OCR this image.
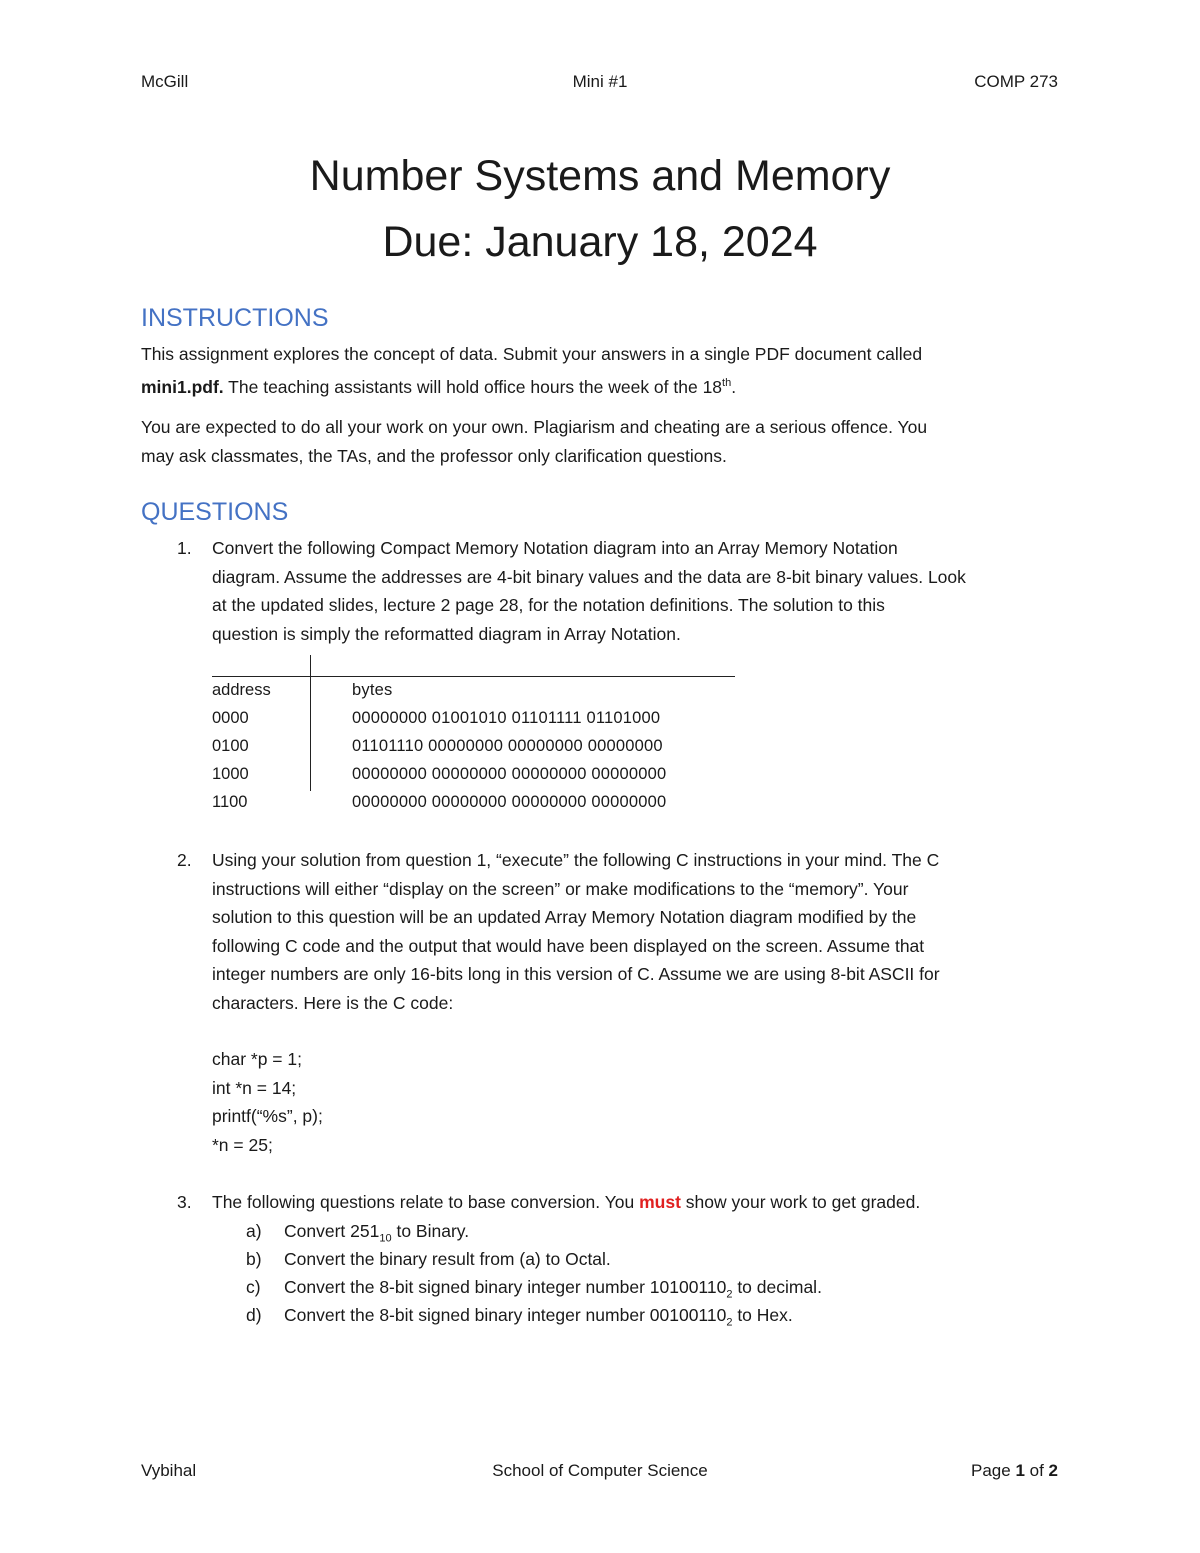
McGill	Mini #1	COMP 273
Number Systems and Memory
Due: January 18, 2024
INSTRUCTIONS
This assignment explores the concept of data. Submit your answers in a single PDF document called
mini1.pdf. The teaching assistants will hold office hours the week of the 18th.
You are expected to do all your work on your own. Plagiarism and cheating are a serious offence. You
may ask classmates, the TAs, and the professor only clarification questions.
QUESTIONS
1. Convert the following Compact Memory Notation diagram into an Array Memory Notation
diagram. Assume the addresses are 4-bit binary values and the data are 8-bit binary values. Look
at the updated slides, lecture 2 page 28, for the notation definitions. The solution to this
question is simply the reformatted diagram in Array Notation.
address	bytes
0000	00000000 01001010 01101111 01101000
0100	01101110 00000000 00000000 00000000
1000	00000000 00000000 00000000 00000000
1100	00000000 00000000 00000000 00000000
2. Using your solution from question 1, “execute” the following C instructions in your mind. The C
instructions will either “display on the screen” or make modifications to the “memory”. Your
solution to this question will be an updated Array Memory Notation diagram modified by the
following C code and the output that would have been displayed on the screen. Assume that
integer numbers are only 16-bits long in this version of C. Assume we are using 8-bit ASCII for
characters. Here is the C code:
char *p = 1;
int *n = 14;
printf(“%s”, p);
*n = 25;
3. The following questions relate to base conversion. You must show your work to get graded.
a) Convert $251_{10}$ to Binary.
b) Convert the binary result from (a) to Octal.
c) Convert the 8-bit signed binary integer number $10100110_2$ to decimal.
d) Convert the 8-bit signed binary integer number $00100110_2$ to Hex.
Vybihal	School of Computer Science	Page 1 of 2
